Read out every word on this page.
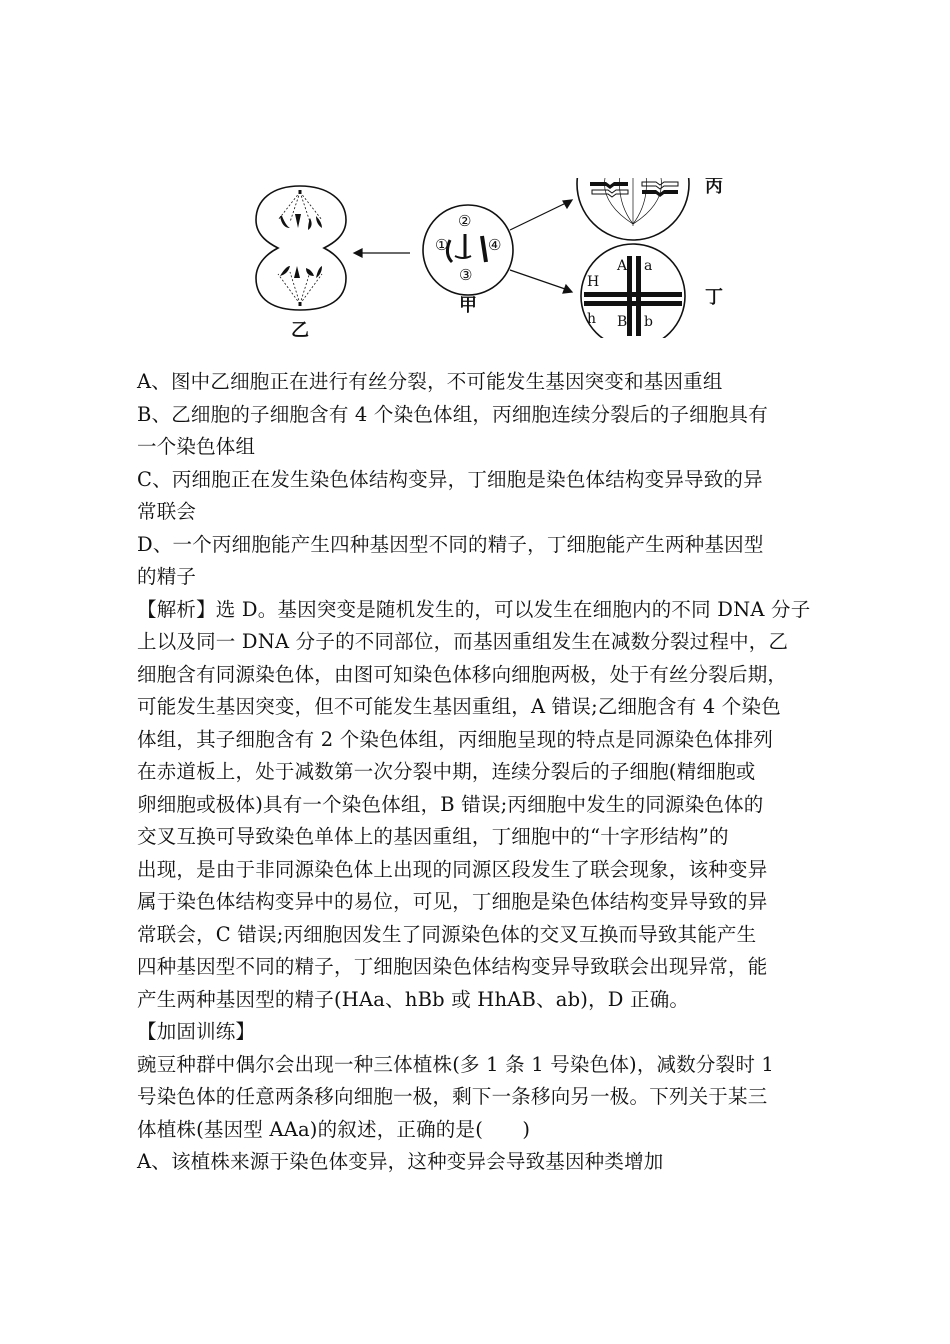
乙
①
②
③
④
甲
丙
A a
H
h B b
丁
A、图中乙细胞正在进行有丝分裂，不可能发生基因突变和基因重组
B、乙细胞的子细胞含有 4 个染色体组，丙细胞连续分裂后的子细胞具有
一个染色体组
C、丙细胞正在发生染色体结构变异，丁细胞是染色体结构变异导致的异
常联会
D、一个丙细胞能产生四种基因型不同的精子，丁细胞能产生两种基因型
的精子
【解析】选 D。基因突变是随机发生的，可以发生在细胞内的不同 DNA 分子
上以及同一 DNA 分子的不同部位，而基因重组发生在减数分裂过程中，乙
细胞含有同源染色体，由图可知染色体移向细胞两极，处于有丝分裂后期，
可能发生基因突变，但不可能发生基因重组，A 错误;乙细胞含有 4 个染色
体组，其子细胞含有 2 个染色体组，丙细胞呈现的特点是同源染色体排列
在赤道板上，处于减数第一次分裂中期，连续分裂后的子细胞(精细胞或
卵细胞或极体)具有一个染色体组，B 错误;丙细胞中发生的同源染色体的
交叉互换可导致染色单体上的基因重组，丁细胞中的“十字形结构”的
出现，是由于非同源染色体上出现的同源区段发生了联会现象，该种变异
属于染色体结构变异中的易位，可见，丁细胞是染色体结构变异导致的异
常联会，C 错误;丙细胞因发生了同源染色体的交叉互换而导致其能产生
四种基因型不同的精子，丁细胞因染色体结构变异导致联会出现异常，能
产生两种基因型的精子(HAa、hBb 或 HhAB、ab)，D 正确。
【加固训练】
豌豆种群中偶尔会出现一种三体植株(多 1 条 1 号染色体)，减数分裂时 1
号染色体的任意两条移向细胞一极，剩下一条移向另一极。下列关于某三
体植株(基因型 AAa)的叙述，正确的是(　　)
A、该植株来源于染色体变异，这种变异会导致基因种类增加
